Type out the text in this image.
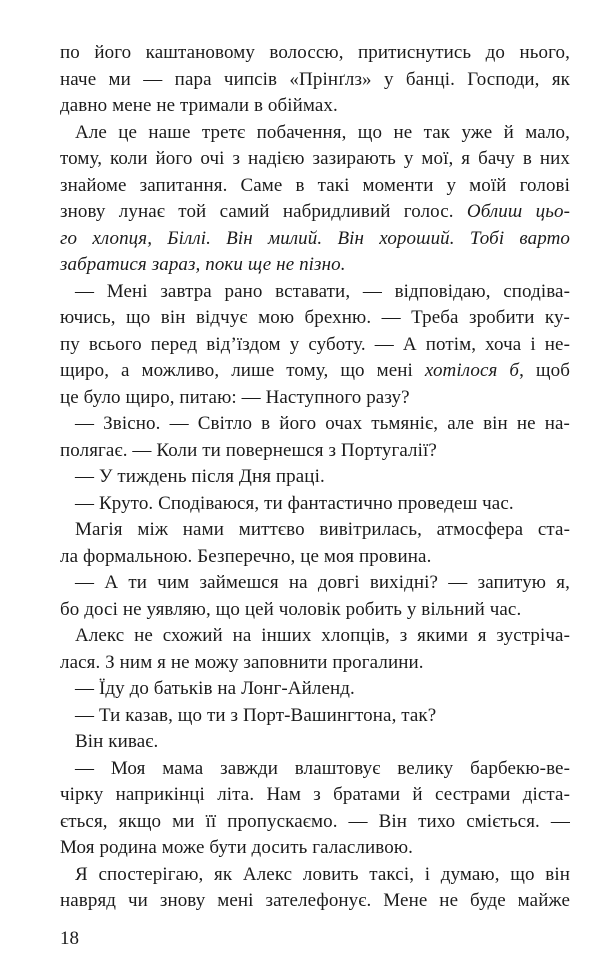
по його каштановому волоссю, притиснутись до нього,
наче ми — пара чипсів «Прінґлз» у банці. Господи, як
давно мене не тримали в обіймах.
Але це наше третє побачення, що не так уже й мало,
тому, коли його очі з надією зазирають у мої, я бачу в них
знайоме запитання. Саме в такі моменти у моїй голові
знову лунає той самий набридливий голос. Облиш цьо-
го хлопця, Біллі. Він милий. Він хороший. Тобі варто
забратися зараз, поки ще не пізно.
— Мені завтра рано вставати, — відповідаю, сподіва-
ючись, що він відчує мою брехню. — Треба зробити ку-
пу всього перед від’їздом у суботу. — А потім, хоча і не-
щиро, а можливо, лише тому, що мені хотілося б, щоб
це було щиро, питаю: — Наступного разу?
— Звісно. — Світло в його очах тьмяніє, але він не на-
полягає. — Коли ти повернешся з Португалії?
— У тиждень після Дня праці.
— Круто. Сподіваюся, ти фантастично проведеш час.
Магія між нами миттєво вивітрилась, атмосфера ста-
ла формальною. Безперечно, це моя провина.
— А ти чим займешся на довгі вихідні? — запитую я,
бо досі не уявляю, що цей чоловік робить у вільний час.
Алекс не схожий на інших хлопців, з якими я зустріча-
лася. З ним я не можу заповнити прогалини.
— Їду до батьків на Лонг-Айленд.
— Ти казав, що ти з Порт-Вашингтона, так?
Він киває.
— Моя мама завжди влаштовує велику барбекю-ве-
чірку наприкінці літа. Нам з братами й сестрами діста-
ється, якщо ми її пропускаємо. — Він тихо сміється. —
Моя родина може бути досить галасливою.
Я спостерігаю, як Алекс ловить таксі, і думаю, що він
навряд чи знову мені зателефонує. Мене не буде майже
18
